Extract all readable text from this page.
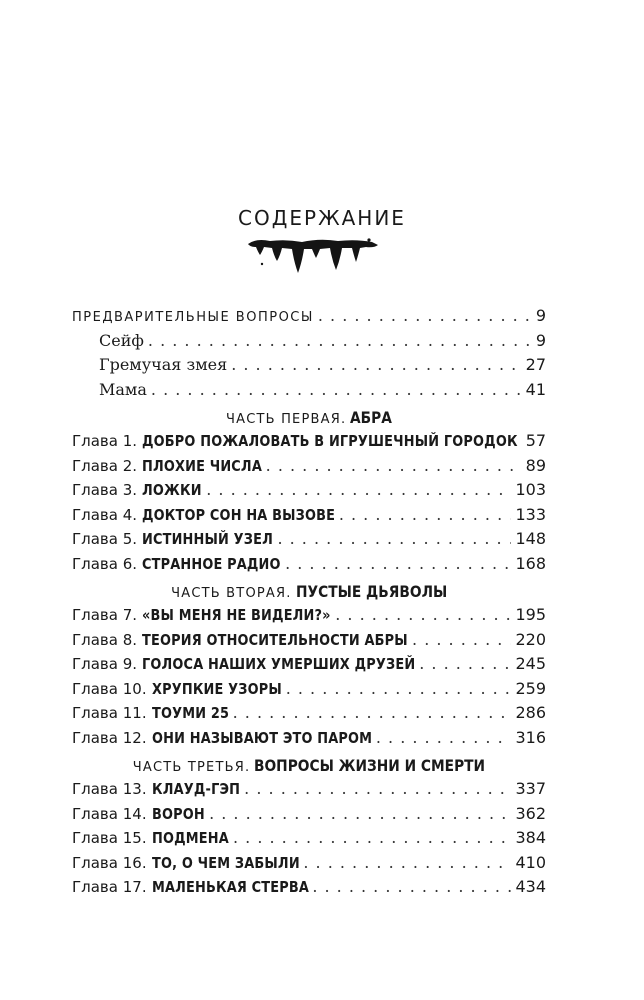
СОДЕРЖАНИЕ
ПРЕДВАРИТЕЛЬНЫЕ ВОПРОСЫ . . .	9
Сейф . . .	9
Гремучая змея . . .	27
Мама . . .	41
ЧАСТЬ ПЕРВАЯ. АБРА
Глава 1. ДОБРО ПОЖАЛОВАТЬ В ИГРУШЕЧНЫЙ ГОРОДОК 57
Глава 2. ПЛОХИЕ ЧИСЛА . . .	89
Глава 3. ЛОЖКИ . . .	103
Глава 4. ДОКТОР СОН НА ВЫЗОВЕ . . .	133
Глава 5. ИСТИННЫЙ УЗЕЛ . . .	148
Глава 6. СТРАННОЕ РАДИО . . .	168
ЧАСТЬ ВТОРАЯ. ПУСТЫЕ ДЬЯВОЛЫ
Глава 7. «ВЫ МЕНЯ НЕ ВИДЕЛИ?» . . .	195
Глава 8. ТЕОРИЯ ОТНОСИТЕЛЬНОСТИ АБРЫ . . .	220
Глава 9. ГОЛОСА НАШИХ УМЕРШИХ ДРУЗЕЙ . . .	245
Глава 10. ХРУПКИЕ УЗОРЫ . . .	259
Глава 11. ТОУМИ 25 . . .	286
Глава 12. ОНИ НАЗЫВАЮТ ЭТО ПАРОМ . . .	316
ЧАСТЬ ТРЕТЬЯ. ВОПРОСЫ ЖИЗНИ И СМЕРТИ
Глава 13. КЛАУД-ГЭП . . .	337
Глава 14. ВОРОН . . .	362
Глава 15. ПОДМЕНА . . .	384
Глава 16. ТО, О ЧЕМ ЗАБЫЛИ . . .	410
Глава 17. МАЛЕНЬКАЯ СТЕРВА . . .	434
